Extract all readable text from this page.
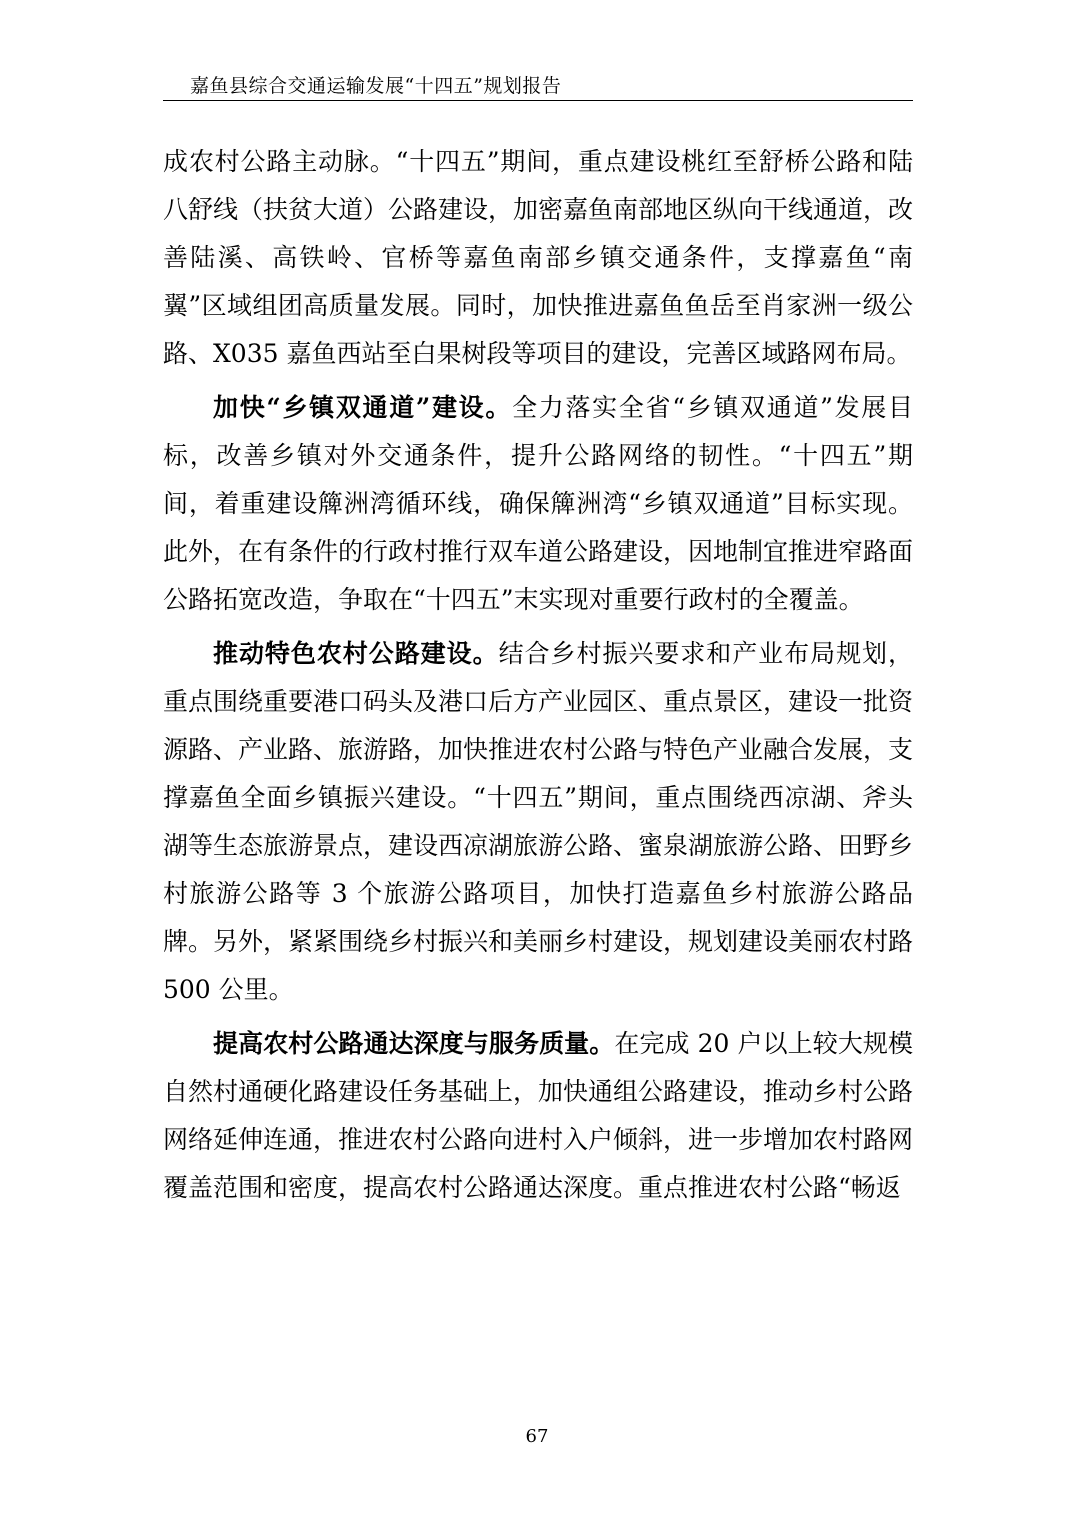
嘉鱼县综合交通运输发展“十四五”规划报告

成农村公路主动脉。“十四五”期间，重点建设桃红至舒桥公路和陆八舒线（扶贫大道）公路建设，加密嘉鱼南部地区纵向干线通道，改善陆溪、高铁岭、官桥等嘉鱼南部乡镇交通条件，支撑嘉鱼“南翼”区域组团高质量发展。同时，加快推进嘉鱼鱼岳至肖家洲一级公路、X035 嘉鱼西站至白果树段等项目的建设，完善区域路网布局。

加快“乡镇双通道”建设。全力落实全省“乡镇双通道”发展目标，改善乡镇对外交通条件，提升公路网络的韧性。“十四五”期间，着重建设簰洲湾循环线，确保簰洲湾“乡镇双通道”目标实现。此外，在有条件的行政村推行双车道公路建设，因地制宜推进窄路面公路拓宽改造，争取在“十四五”末实现对重要行政村的全覆盖。

推动特色农村公路建设。结合乡村振兴要求和产业布局规划，重点围绕重要港口码头及港口后方产业园区、重点景区，建设一批资源路、产业路、旅游路，加快推进农村公路与特色产业融合发展，支撑嘉鱼全面乡镇振兴建设。“十四五”期间，重点围绕西凉湖、斧头湖等生态旅游景点，建设西凉湖旅游公路、蜜泉湖旅游公路、田野乡村旅游公路等 3 个旅游公路项目，加快打造嘉鱼乡村旅游公路品牌。另外，紧紧围绕乡村振兴和美丽乡村建设，规划建设美丽农村路 500 公里。

提高农村公路通达深度与服务质量。在完成 20 户以上较大规模自然村通硬化路建设任务基础上，加快通组公路建设，推动乡村公路网络延伸连通，推进农村公路向进村入户倾斜，进一步增加农村路网覆盖范围和密度，提高农村公路通达深度。重点推进农村公路“畅返

67
